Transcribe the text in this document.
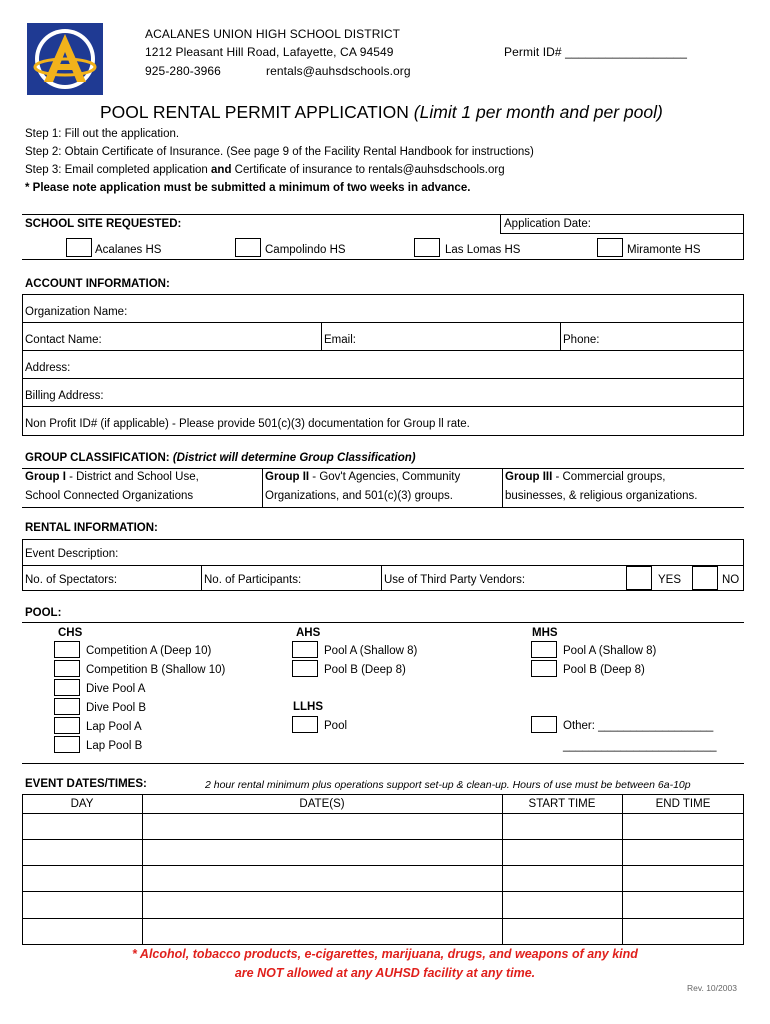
ACALANES UNION HIGH SCHOOL DISTRICT
1212 Pleasant Hill Road, Lafayette, CA 94549
925-280-3966	rentals@auhsdschools.org
Permit ID# __________________
POOL RENTAL PERMIT APPLICATION (Limit 1 per month and per pool)
Step 1: Fill out the application.
Step 2: Obtain Certificate of Insurance. (See page 9 of the Facility Rental Handbook for instructions)
Step 3: Email completed application and Certificate of insurance to rentals@auhsdschools.org
* Please note application must be submitted a minimum of two weeks in advance.
SCHOOL SITE REQUESTED:	Application Date:
Acalanes HS	Campolindo HS	Las Lomas HS	Miramonte HS
ACCOUNT INFORMATION:
Organization Name:
Contact Name:	Email:	Phone:
Address:
Billing Address:
Non Profit ID# (if applicable) - Please provide 501(c)(3) documentation for Group ll rate.
GROUP CLASSIFICATION: (District will determine Group Classification)
Group I - District and School Use,
School Connected Organizations
Group II - Gov't Agencies, Community
Organizations, and 501(c)(3) groups.
Group III - Commercial groups,
businesses, & religious organizations.
RENTAL INFORMATION:
Event Description:
No. of Spectators:	No. of Participants:	Use of Third Party Vendors:	YES	NO
POOL:
CHS
Competition A (Deep 10)
Competition B (Shallow 10)
Dive Pool A
Dive Pool B
Lap Pool A
Lap Pool B
AHS
Pool A (Shallow 8)
Pool B (Deep 8)
LLHS
Pool
MHS
Pool A (Shallow 8)
Pool B (Deep 8)
Other: __________________
________________________
EVENT DATES/TIMES:	2 hour rental minimum plus operations support set-up & clean-up. Hours of use must be between 6a-10p
DAY	DATE(S)	START TIME	END TIME
* Alcohol, tobacco products, e-cigarettes, marijuana, drugs, and weapons of any kind
are NOT allowed at any AUHSD facility at any time.
Rev. 10/2003
